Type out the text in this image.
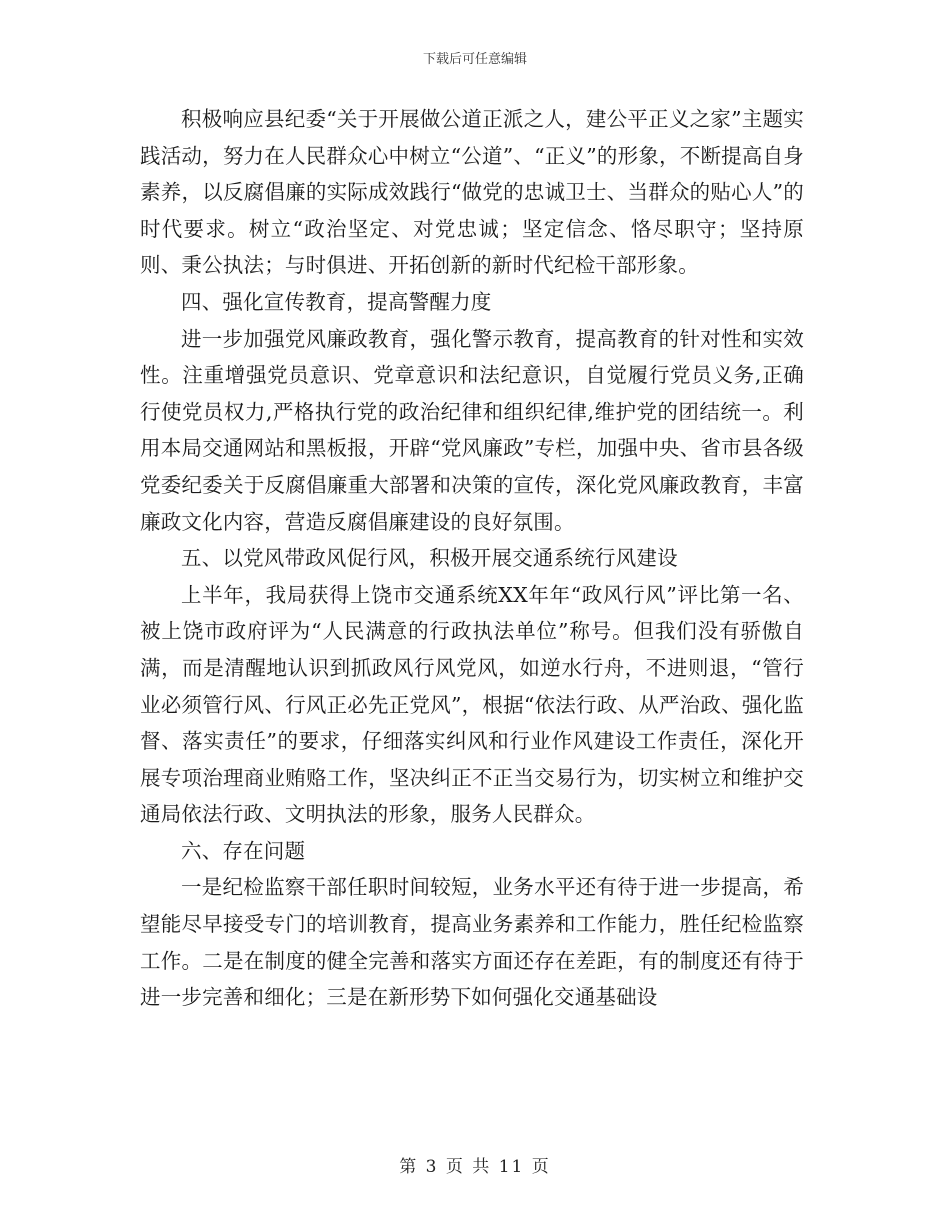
下载后可任意编辑

积极响应县纪委“关于开展做公道正派之人，建公平正义之家”主题实践活动，努力在人民群众心中树立“公道”、“正义”的形象，不断提高自身素养，以反腐倡廉的实际成效践行“做党的忠诚卫士、当群众的贴心人”的时代要求。树立“政治坚定、对党忠诚；坚定信念、恪尽职守；坚持原则、秉公执法；与时俱进、开拓创新的新时代纪检干部形象。

四、强化宣传教育，提高警醒力度

进一步加强党风廉政教育，强化警示教育，提高教育的针对性和实效性。注重增强党员意识、党章意识和法纪意识，自觉履行党员义务,正确行使党员权力,严格执行党的政治纪律和组织纪律,维护党的团结统一。利用本局交通网站和黑板报，开辟“党风廉政”专栏，加强中央、省市县各级党委纪委关于反腐倡廉重大部署和决策的宣传，深化党风廉政教育，丰富廉政文化内容，营造反腐倡廉建设的良好氛围。

五、以党风带政风促行风，积极开展交通系统行风建设

上半年，我局获得上饶市交通系统XX年年“政风行风”评比第一名、被上饶市政府评为“人民满意的行政执法单位”称号。但我们没有骄傲自满，而是清醒地认识到抓政风行风党风，如逆水行舟，不进则退，“管行业必须管行风、行风正必先正党风”，根据“依法行政、从严治政、强化监督、落实责任”的要求，仔细落实纠风和行业作风建设工作责任，深化开展专项治理商业贿赂工作，坚决纠正不正当交易行为，切实树立和维护交通局依法行政、文明执法的形象，服务人民群众。

六、存在问题

一是纪检监察干部任职时间较短，业务水平还有待于进一步提高，希望能尽早接受专门的培训教育，提高业务素养和工作能力，胜任纪检监察工作。二是在制度的健全完善和落实方面还存在差距，有的制度还有待于进一步完善和细化；三是在新形势下如何强化交通基础设

第 3 页 共 11 页
